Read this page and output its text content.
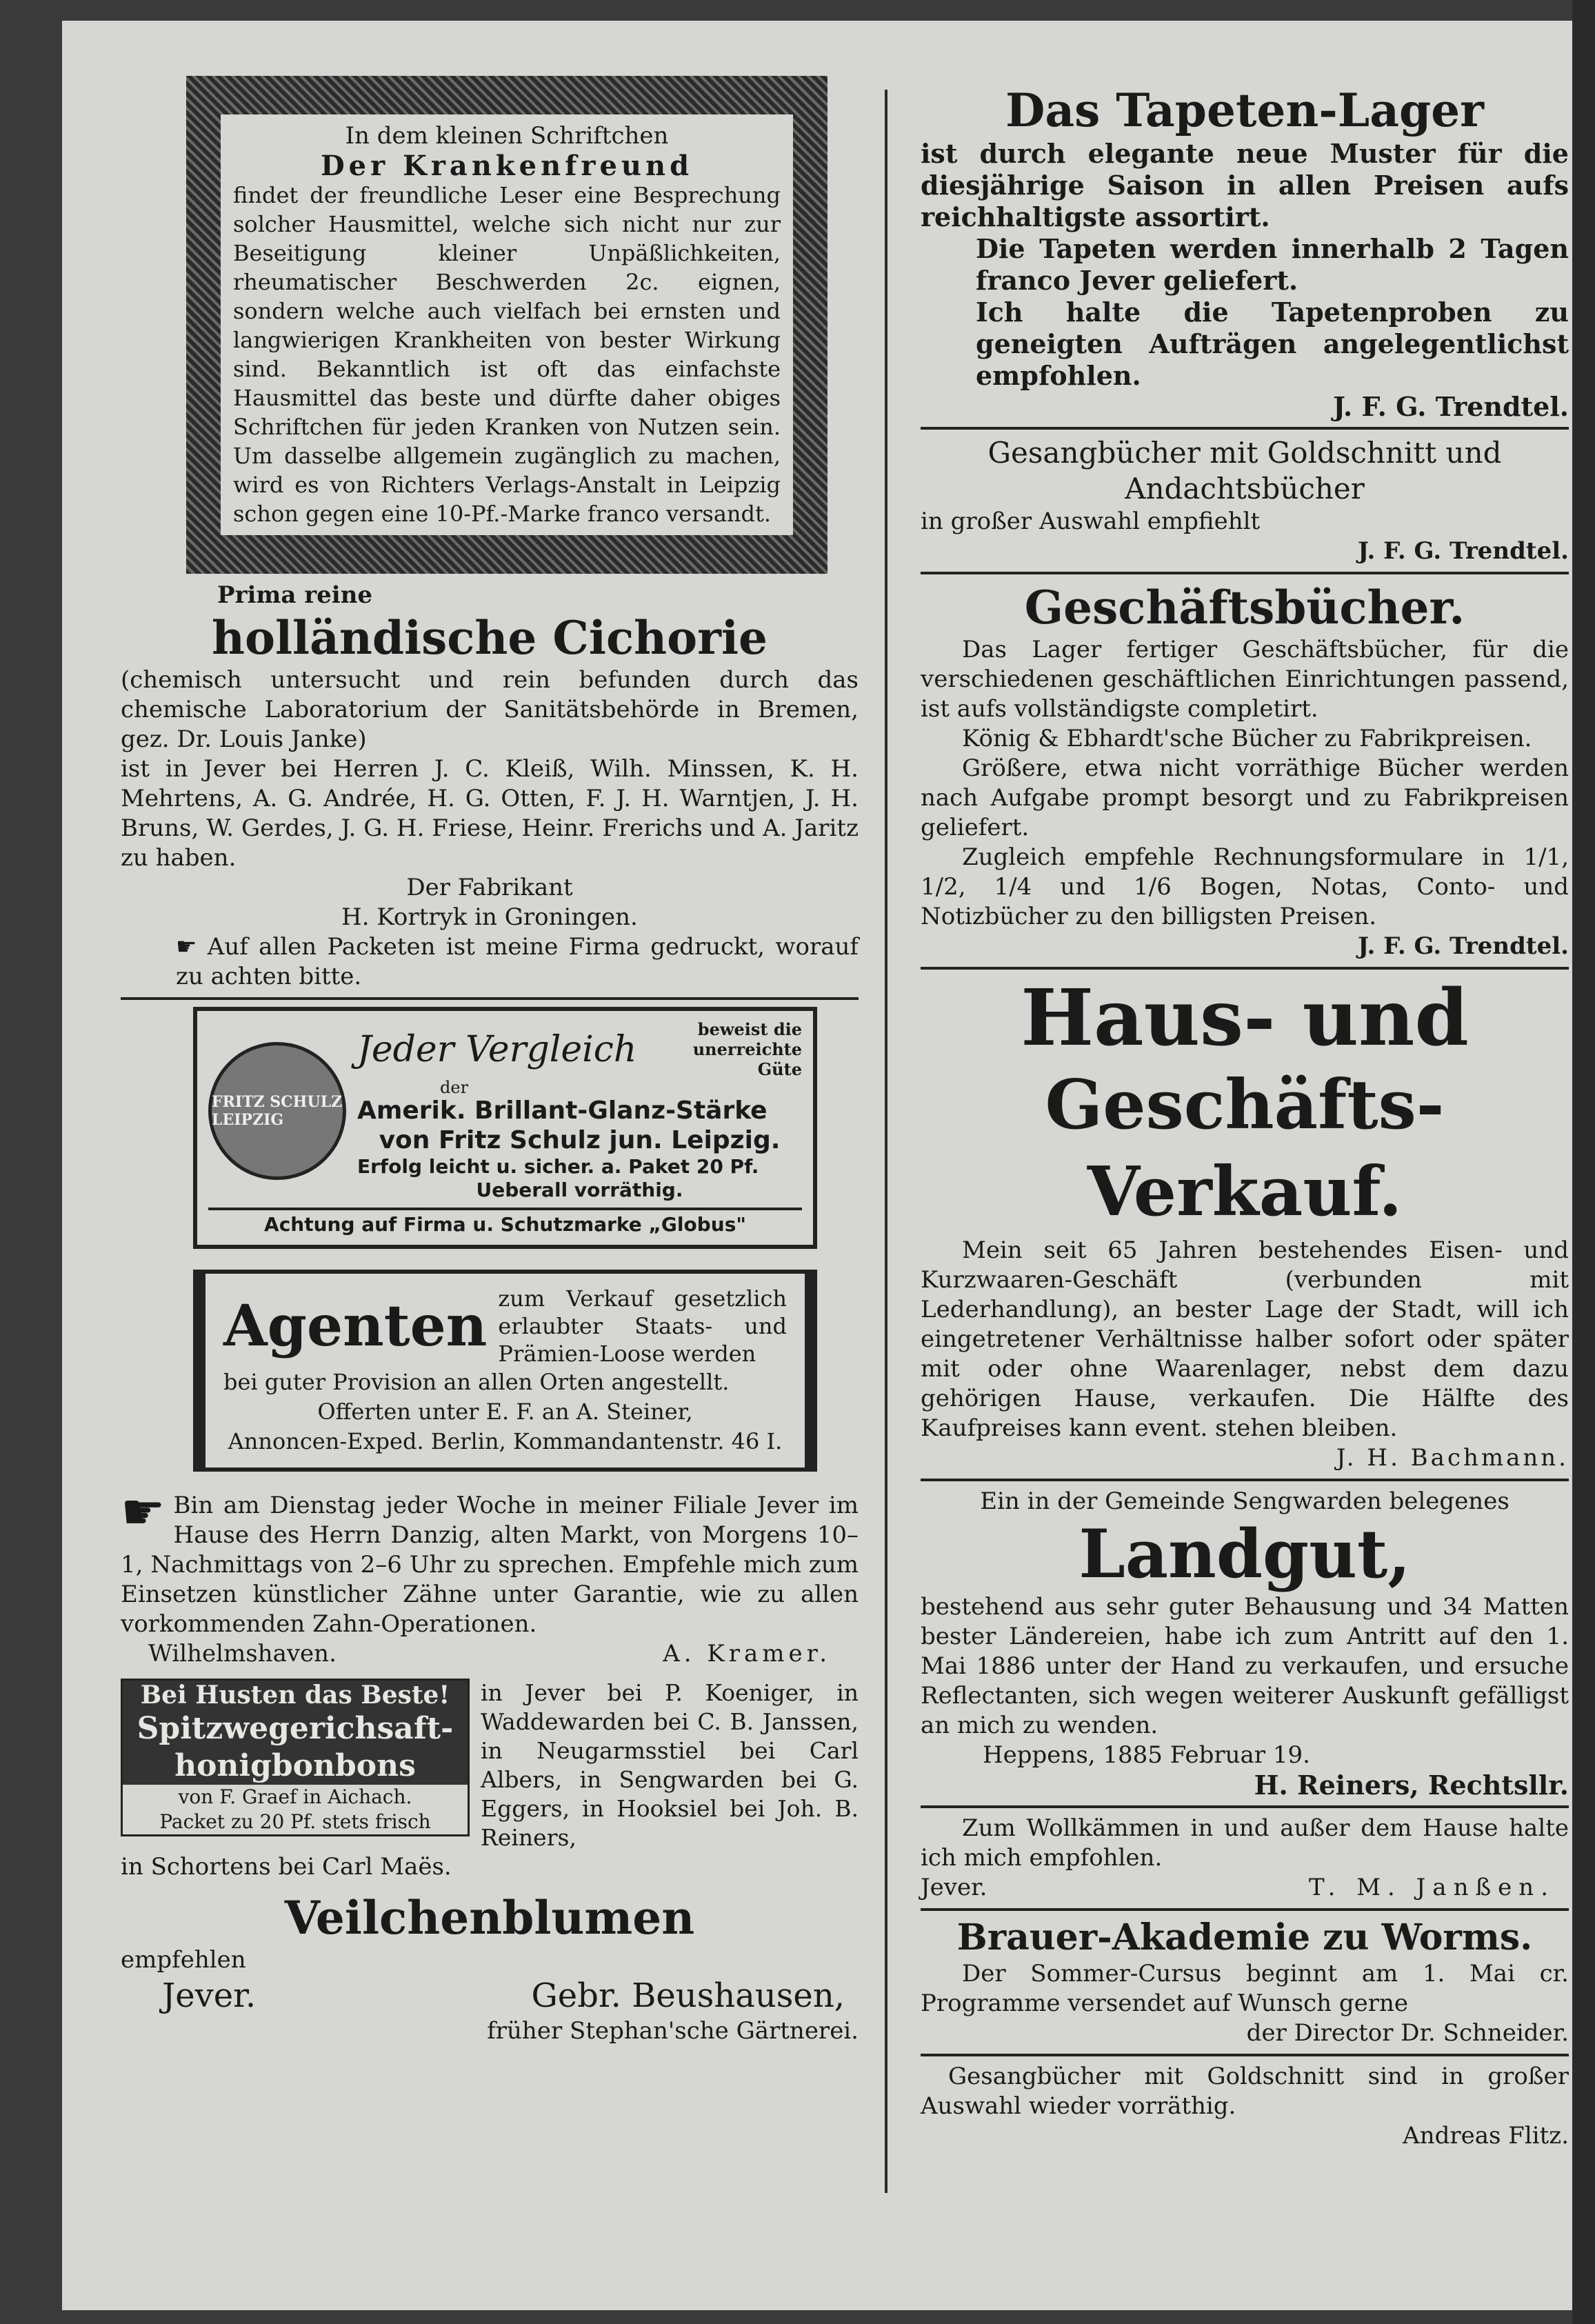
In dem kleinen Schriftchen

Der Krankenfreund

findet der freundliche Leser eine Besprechung solcher Hausmittel, welche sich nicht nur zur Beseitigung kleiner Unpäßlichkeiten, rheumatischer Beschwerden 2c. eignen, sondern welche auch vielfach bei ernsten und langwierigen Krankheiten von bester Wirkung sind. Bekanntlich ist oft das einfachste Hausmittel das beste und dürfte daher obiges Schriftchen für jeden Kranken von Nutzen sein. Um dasselbe allgemein zugänglich zu machen, wird es von Richters Verlags-Anstalt in Leipzig schon gegen eine 10-Pf.-Marke franco versandt.

Prima reine

holländische Cichorie

(chemisch untersucht und rein befunden durch das chemische Laboratorium der Sanitätsbehörde in Bremen, gez. Dr. Louis Janke)

ist in Jever bei Herren J. C. Kleiß, Wilh. Minssen, K. H. Mehrtens, A. G. Andrée, H. G. Otten, F. J. H. Warntjen, J. H. Bruns, W. Gerdes, J. G. H. Friese, Heinr. Frerichs und A. Jaritz zu haben.

Der Fabrikant

H. Kortryk in Groningen.

☛ Auf allen Packeten ist meine Firma gedruckt, worauf zu achten bitte.

FRITZ SCHULZ LEIPZIG
Jeder Vergleich	beweist die unerreichte Güte

der

Amerik. Brillant-Glanz-Stärke

von Fritz Schulz jun. Leipzig.

Erfolg leicht u. sicher. a. Paket 20 Pf.

Ueberall vorräthig.

Achtung auf Firma u. Schutzmarke „Globus"

Agenten zum Verkauf gesetzlich erlaubter Staats- und Prämien-Loose werden

bei guter Provision an allen Orten angestellt.

Offerten unter E. F. an A. Steiner,

Annoncen-Exped. Berlin, Kommandantenstr. 46 I.

☛ Bin am Dienstag jeder Woche in meiner Filiale Jever im Hause des Herrn Danzig, alten Markt, von Morgens 10–1, Nachmittags von 2–6 Uhr zu sprechen. Empfehle mich zum Einsetzen künstlicher Zähne unter Garantie, wie zu allen vorkommenden Zahn-Operationen.

Wilhelmshaven.	A. Kramer.

Bei Husten das Beste!

Spitzwegerichsaft-

honigbonbons

von F. Graef in Aichach.

Packet zu 20 Pf. stets frisch

in Jever bei P. Koeniger, in Waddewarden bei C. B. Janssen, in Neugarmsstiel bei Carl Albers, in Sengwarden bei G. Eggers, in Hooksiel bei Joh. B. Reiners,

in Schortens bei Carl Maës.

Veilchenblumen

empfehlen

Jever.	Gebr. Beushausen,

früher Stephan'sche Gärtnerei.

Das Tapeten-Lager

ist durch elegante neue Muster für die diesjährige Saison in allen Preisen aufs reichhaltigste assortirt.

Die Tapeten werden innerhalb 2 Tagen franco Jever geliefert.

Ich halte die Tapetenproben zu geneigten Aufträgen angelegentlichst empfohlen.

J. F. G. Trendtel.

Gesangbücher mit Goldschnitt und

Andachtsbücher

in großer Auswahl empfiehlt

J. F. G. Trendtel.

Geschäftsbücher.

Das Lager fertiger Geschäftsbücher, für die verschiedenen geschäftlichen Einrichtungen passend, ist aufs vollständigste completirt.

König & Ebhardt'sche Bücher zu Fabrikpreisen.

Größere, etwa nicht vorräthige Bücher werden nach Aufgabe prompt besorgt und zu Fabrikpreisen geliefert.

Zugleich empfehle Rechnungsformulare in 1/1, 1/2, 1/4 und 1/6 Bogen, Notas, Conto- und Notizbücher zu den billigsten Preisen.

J. F. G. Trendtel.

Haus- und

Geschäfts-Verkauf.

Mein seit 65 Jahren bestehendes Eisen- und Kurzwaaren-Geschäft (verbunden mit Lederhandlung), an bester Lage der Stadt, will ich eingetretener Verhältnisse halber sofort oder später mit oder ohne Waarenlager, nebst dem dazu gehörigen Hause, verkaufen. Die Hälfte des Kaufpreises kann event. stehen bleiben.

J. H. Bachmann.

Ein in der Gemeinde Sengwarden belegenes

Landgut,

bestehend aus sehr guter Behausung und 34 Matten bester Ländereien, habe ich zum Antritt auf den 1. Mai 1886 unter der Hand zu verkaufen, und ersuche Reflectanten, sich wegen weiterer Auskunft gefälligst an mich zu wenden.

Heppens, 1885 Februar 19.

H. Reiners, Rechtsllr.

Zum Wollkämmen in und außer dem Hause halte ich mich empfohlen.

Jever.	T. M. Janßen.

Brauer-Akademie zu Worms.

Der Sommer-Cursus beginnt am 1. Mai cr. Programme versendet auf Wunsch gerne

der Director Dr. Schneider.

Gesangbücher mit Goldschnitt sind in großer Auswahl wieder vorräthig.

Andreas Flitz.
